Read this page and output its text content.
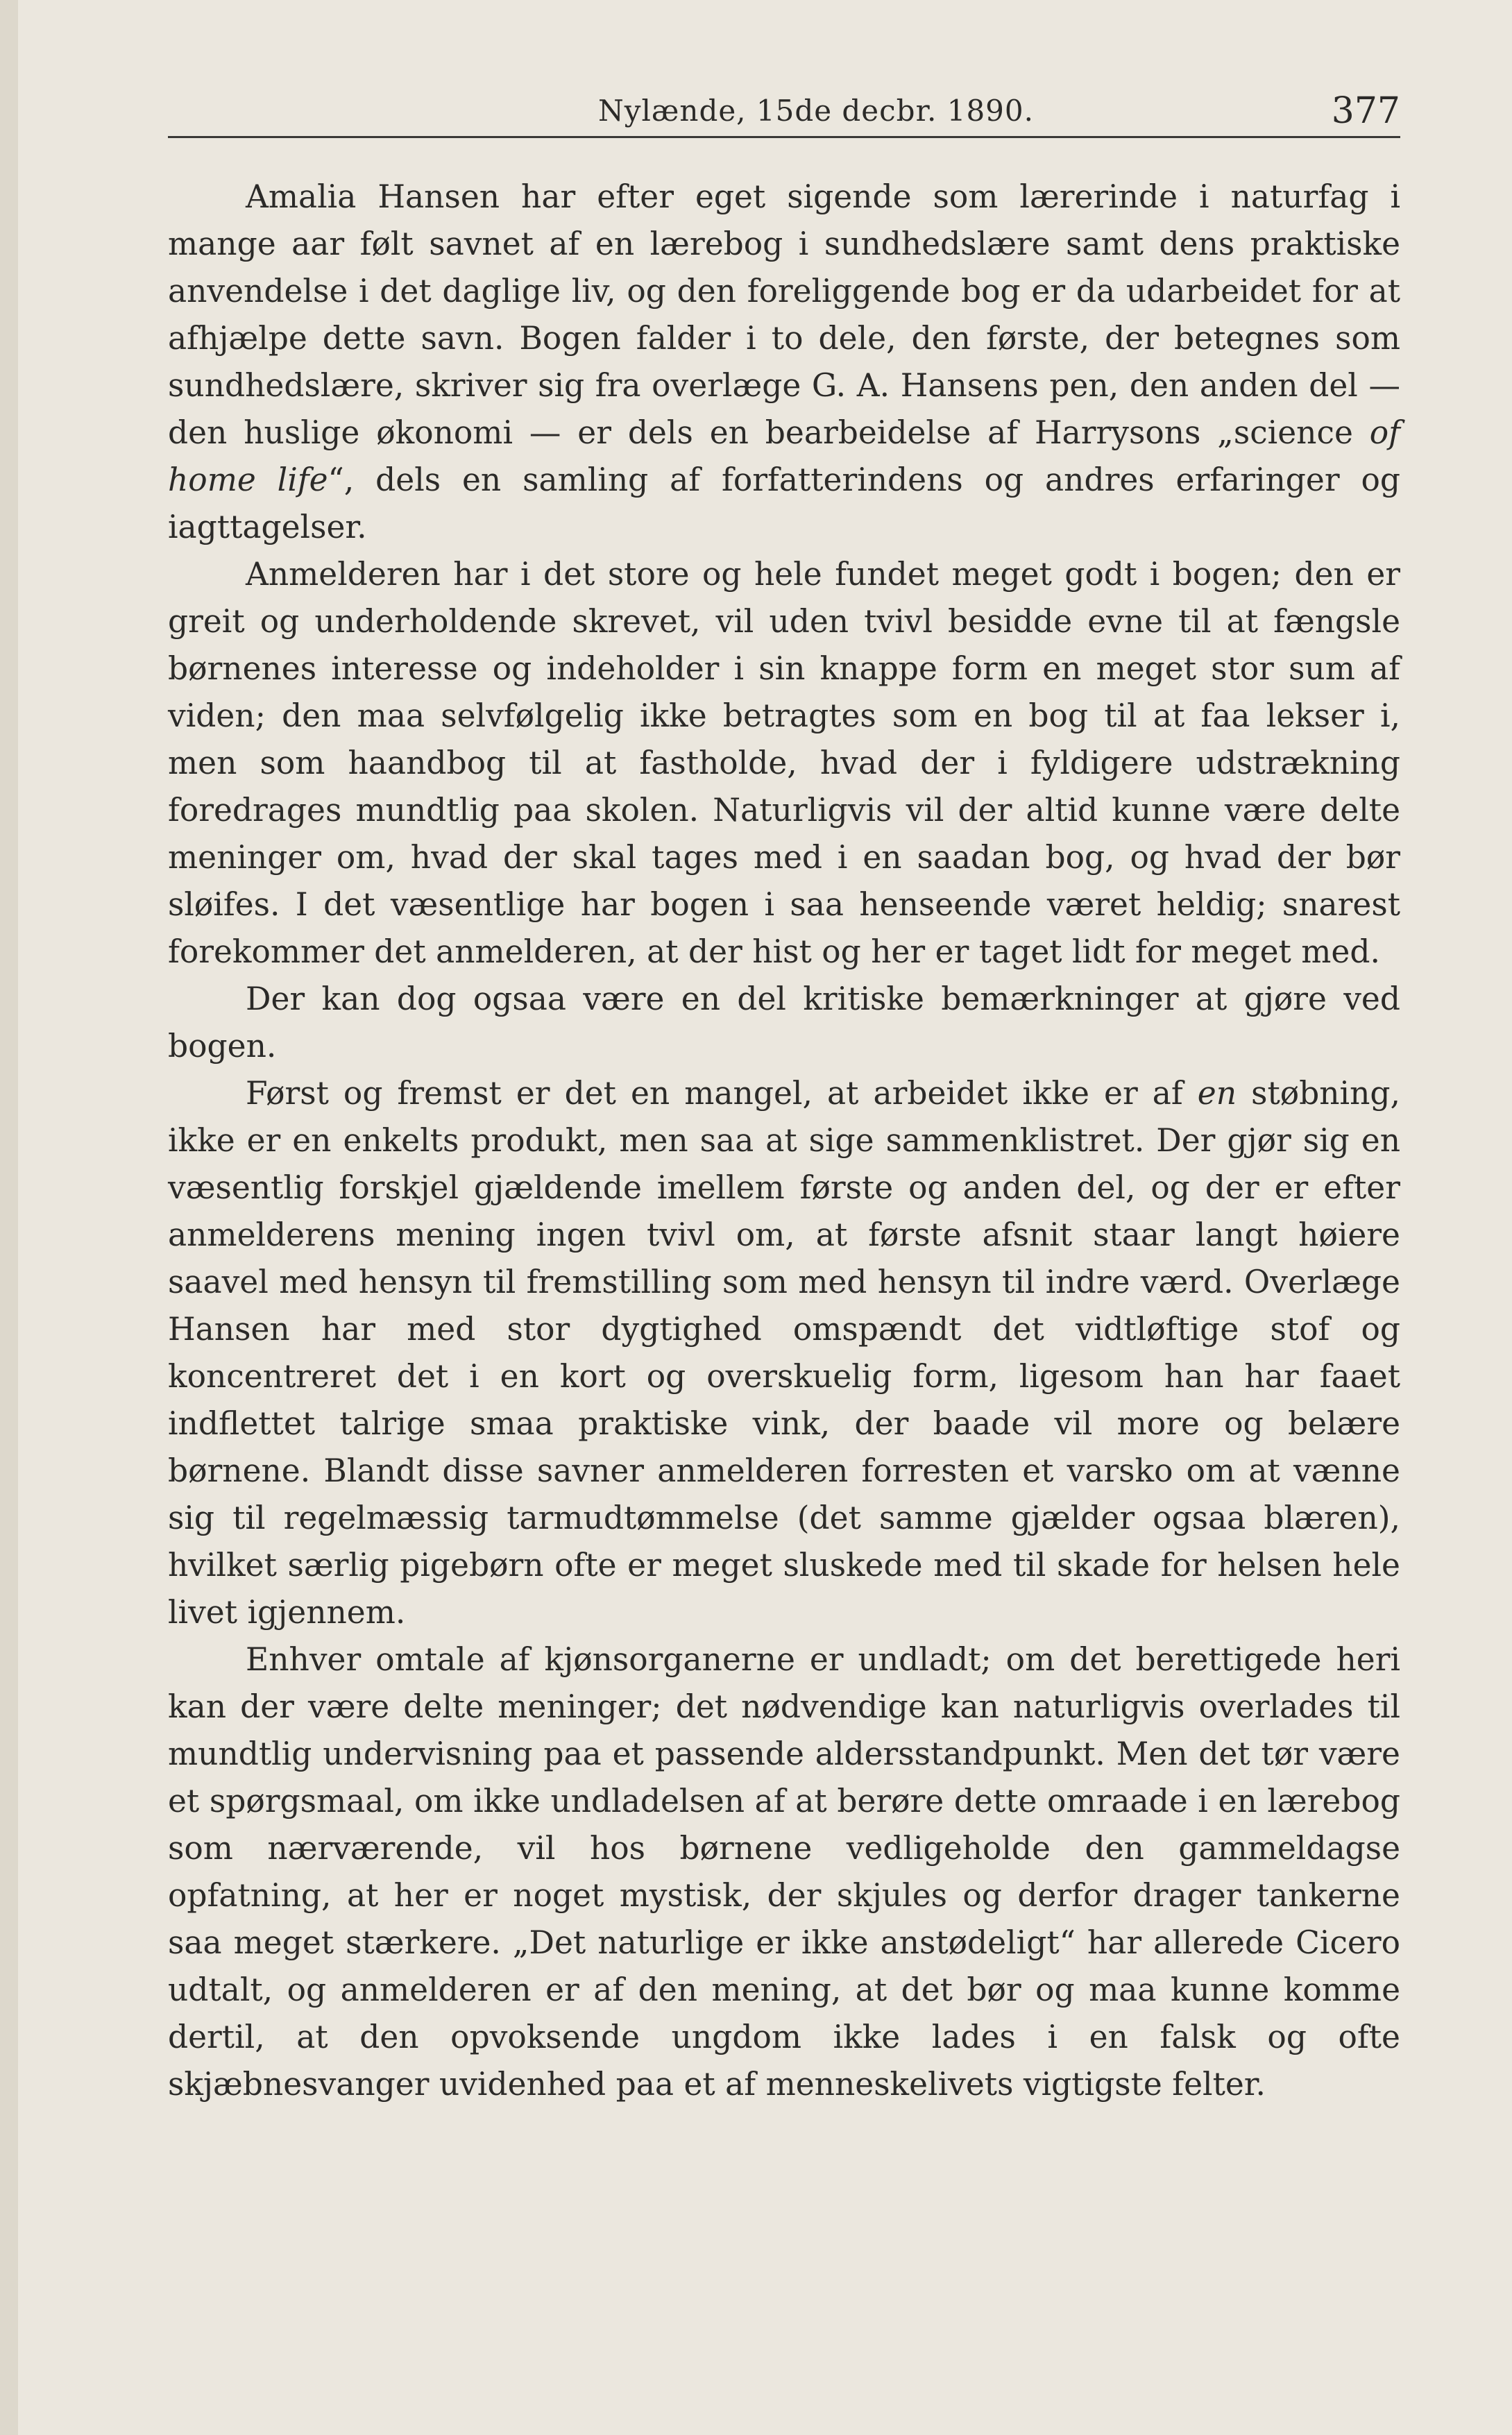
Nylænde, 15de decbr. 1890.	377

Amalia Hansen har efter eget sigende som lærerinde i naturfag i mange aar følt savnet af en lærebog i sundhedslære samt dens praktiske anvendelse i det daglige liv, og den foreliggende bog er da udarbeidet for at afhjælpe dette savn. Bogen falder i to dele, den første, der betegnes som sundhedslære, skriver sig fra overlæge G. A. Hansens pen, den anden del — den huslige økonomi — er dels en bearbeidelse af Harrysons „science of home life“, dels en samling af forfatterindens og andres erfaringer og iagttagelser.

Anmelderen har i det store og hele fundet meget godt i bogen; den er greit og underholdende skrevet, vil uden tvivl besidde evne til at fængsle børnenes interesse og indeholder i sin knappe form en meget stor sum af viden; den maa selvfølgelig ikke betragtes som en bog til at faa lekser i, men som haandbog til at fastholde, hvad der i fyldigere udstrækning foredrages mundtlig paa skolen. Naturligvis vil der altid kunne være delte meninger om, hvad der skal tages med i en saadan bog, og hvad der bør sløifes. I det væsentlige har bogen i saa henseende været heldig; snarest forekommer det anmelderen, at der hist og her er taget lidt for meget med.

Der kan dog ogsaa være en del kritiske bemærkninger at gjøre ved bogen.

Først og fremst er det en mangel, at arbeidet ikke er af en støbning, ikke er en enkelts produkt, men saa at sige sammenklistret. Der gjør sig en væsentlig forskjel gjældende imellem første og anden del, og der er efter anmelderens mening ingen tvivl om, at første afsnit staar langt høiere saavel med hensyn til fremstilling som med hensyn til indre værd. Overlæge Hansen har med stor dygtighed omspændt det vidtløftige stof og koncentreret det i en kort og overskuelig form, ligesom han har faaet indflettet talrige smaa praktiske vink, der baade vil more og belære børnene. Blandt disse savner anmelderen forresten et varsko om at vænne sig til regelmæssig tarmudtømmelse (det samme gjælder ogsaa blæren), hvilket særlig pigebørn ofte er meget sluskede med til skade for helsen hele livet igjennem.

Enhver omtale af kjønsorganerne er undladt; om det berettigede heri kan der være delte meninger; det nødvendige kan naturligvis overlades til mundtlig undervisning paa et passende aldersstandpunkt. Men det tør være et spørgsmaal, om ikke undladelsen af at berøre dette omraade i en lærebog som nærværende, vil hos børnene vedligeholde den gammeldagse opfatning, at her er noget mystisk, der skjules og derfor drager tankerne saa meget stærkere. „Det naturlige er ikke anstødeligt“ har allerede Cicero udtalt, og anmelderen er af den mening, at det bør og maa kunne komme dertil, at den opvoksende ungdom ikke lades i en falsk og ofte skjæbnesvanger uvidenhed paa et af menneskelivets vigtigste felter.
